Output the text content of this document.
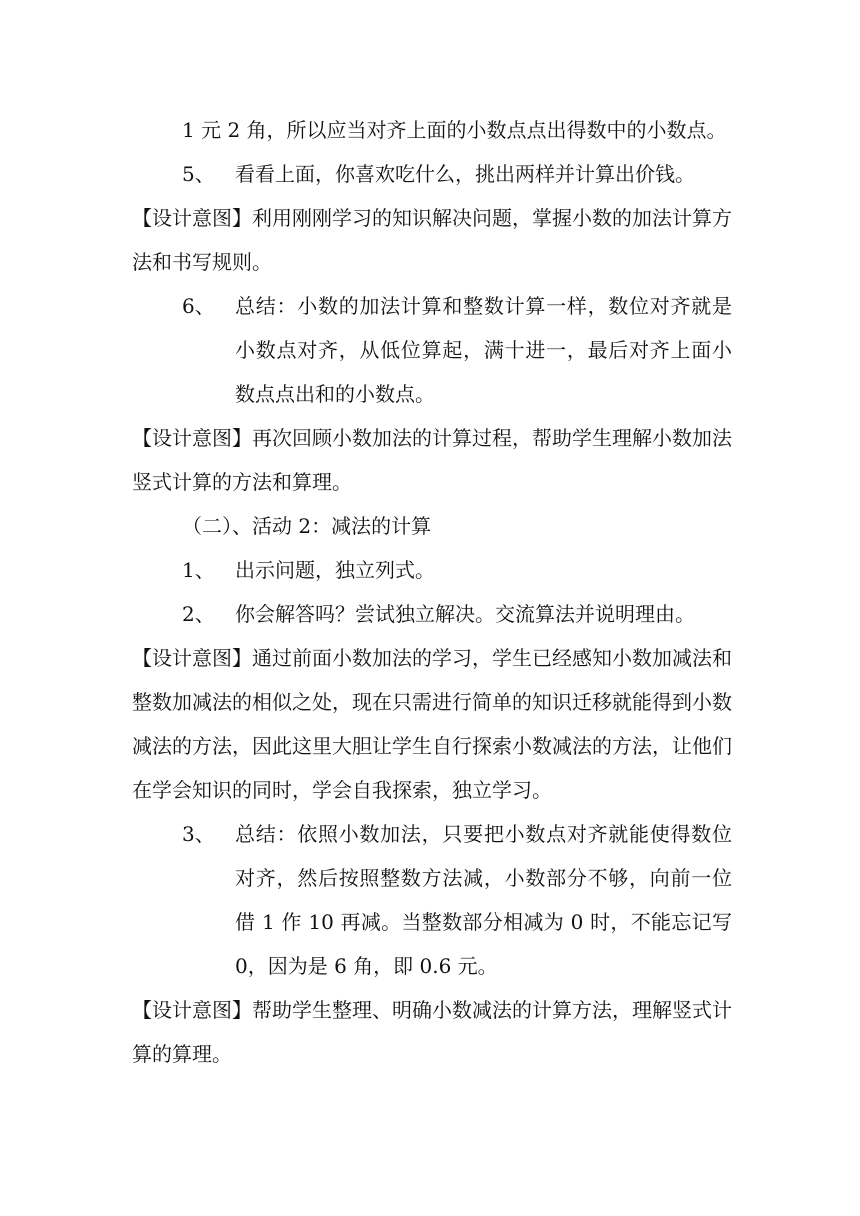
1 元 2 角，所以应当对齐上面的小数点点出得数中的小数点。

5、	看看上面，你喜欢吃什么，挑出两样并计算出价钱。

【设计意图】利用刚刚学习的知识解决问题，掌握小数的加法计算方法和书写规则。

6、	总结：小数的加法计算和整数计算一样，数位对齐就是小数点对齐，从低位算起，满十进一，最后对齐上面小数点点出和的小数点。

【设计意图】再次回顾小数加法的计算过程，帮助学生理解小数加法竖式计算的方法和算理。

（二）、活动 2：减法的计算

1、	出示问题，独立列式。
2、	你会解答吗？尝试独立解决。交流算法并说明理由。

【设计意图】通过前面小数加法的学习，学生已经感知小数加减法和整数加减法的相似之处，现在只需进行简单的知识迁移就能得到小数减法的方法，因此这里大胆让学生自行探索小数减法的方法，让他们在学会知识的同时，学会自我探索，独立学习。

3、	总结：依照小数加法，只要把小数点对齐就能使得数位对齐，然后按照整数方法减，小数部分不够，向前一位借 1 作 10 再减。当整数部分相减为 0 时，不能忘记写 0，因为是 6 角，即 0.6 元。

【设计意图】帮助学生整理、明确小数减法的计算方法，理解竖式计算的算理。
